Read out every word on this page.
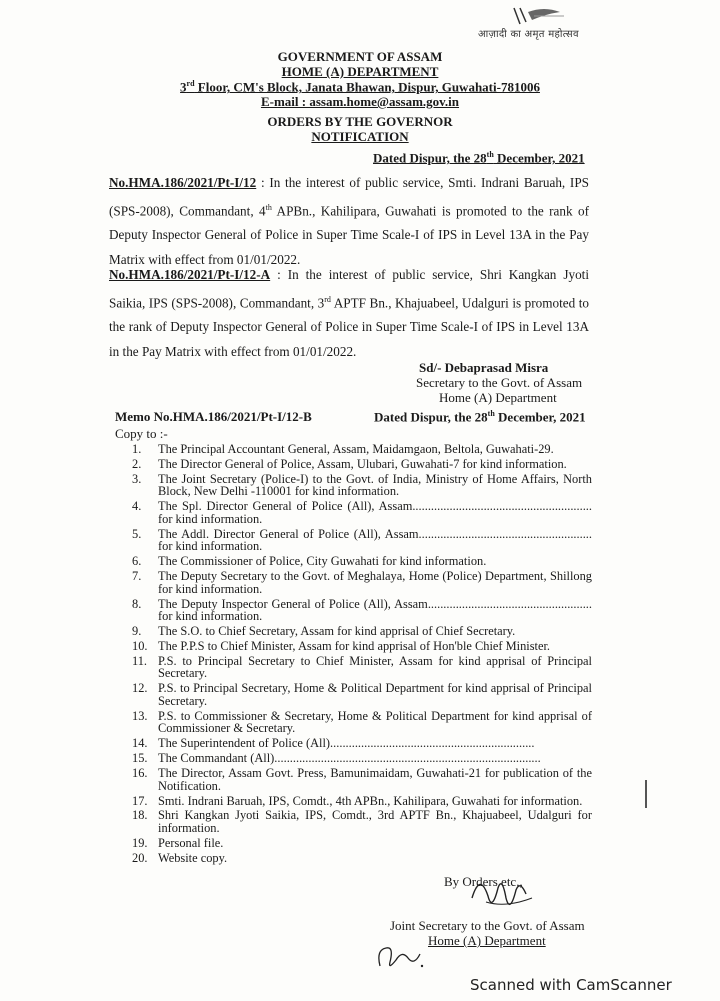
आज़ादी का अमृत महोत्सव
GOVERNMENT OF ASSAM
HOME (A) DEPARTMENT
3rd Floor, CM's Block, Janata Bhawan, Dispur, Guwahati-781006
E-mail : assam.home@assam.gov.in
ORDERS BY THE GOVERNOR
NOTIFICATION
Dated Dispur, the 28th December, 2021
No.HMA.186/2021/Pt-I/12 : In the interest of public service, Smti. Indrani Baruah, IPS (SPS-2008), Commandant, 4th APBn., Kahilipara, Guwahati is promoted to the rank of Deputy Inspector General of Police in Super Time Scale-I of IPS in Level 13A in the Pay Matrix with effect from 01/01/2022.
No.HMA.186/2021/Pt-I/12-A : In the interest of public service, Shri Kangkan Jyoti Saikia, IPS (SPS-2008), Commandant, 3rd APTF Bn., Khajuabeel, Udalguri is promoted to the rank of Deputy Inspector General of Police in Super Time Scale-I of IPS in Level 13A in the Pay Matrix with effect from 01/01/2022.
Sd/- Debaprasad Misra
Secretary to the Govt. of Assam
Home (A) Department
Memo No.HMA.186/2021/Pt-I/12-B	Dated Dispur, the 28th December, 2021
Copy to :-
1.	The Principal Accountant General, Assam, Maidamgaon, Beltola, Guwahati-29.
2.	The Director General of Police, Assam, Ulubari, Guwahati-7 for kind information.
3.	The Joint Secretary (Police-I) to the Govt. of India, Ministry of Home Affairs, North Block, New Delhi -110001 for kind information.
4.	The Spl. Director General of Police (All), Assam.......................................................... for kind information.
5.	The Addl. Director General of Police (All), Assam........................................................ for kind information.
6.	The Commissioner of Police, City Guwahati for kind information.
7.	The Deputy Secretary to the Govt. of Meghalaya, Home (Police) Department, Shillong for kind information.
8.	The Deputy Inspector General of Police (All), Assam..................................................... for kind information.
9.	The S.O. to Chief Secretary, Assam for kind apprisal of Chief Secretary.
10. The P.P.S to Chief Minister, Assam for kind apprisal of Hon'ble Chief Minister.
11. P.S. to Principal Secretary to Chief Minister, Assam for kind apprisal of Principal Secretary.
12. P.S. to Principal Secretary, Home & Political Department for kind apprisal of Principal Secretary.
13. P.S. to Commissioner & Secretary, Home & Political Department for kind apprisal of Commissioner & Secretary.
14. The Superintendent of Police (All)..................................................................
15. The Commandant (All)......................................................................................
16. The Director, Assam Govt. Press, Bamunimaidam, Guwahati-21 for publication of the Notification.
17. Smti. Indrani Baruah, IPS, Comdt., 4th APBn., Kahilipara, Guwahati for information.
18. Shri Kangkan Jyoti Saikia, IPS, Comdt., 3rd APTF Bn., Khajuabeel, Udalguri for information.
19. Personal file.
20. Website copy.
By Orders etc.,
Joint Secretary to the Govt. of Assam
Home (A) Department
Scanned with CamScanner
